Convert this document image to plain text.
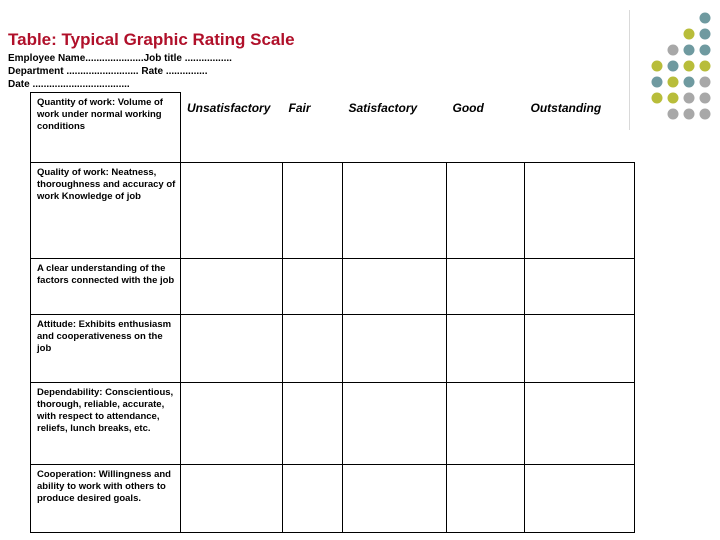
Table: Typical Graphic Rating Scale
Employee Name.....................Job title .................
Department .......................... Rate ...............
Date ...................................
Quantity of work: Volume of work under normal working conditions	Unsatisfactory	Fair	Satisfactory	Good	Outstanding
Quality of work: Neatness, thoroughness and accuracy of work Knowledge of job					
A clear understanding of the factors connected with the job					
Attitude: Exhibits enthusiasm and cooperativeness on the job					
Dependability: Conscientious, thorough, reliable, accurate, with respect to attendance, reliefs, lunch breaks, etc.					
Cooperation: Willingness and ability to work with others to produce desired goals.					
